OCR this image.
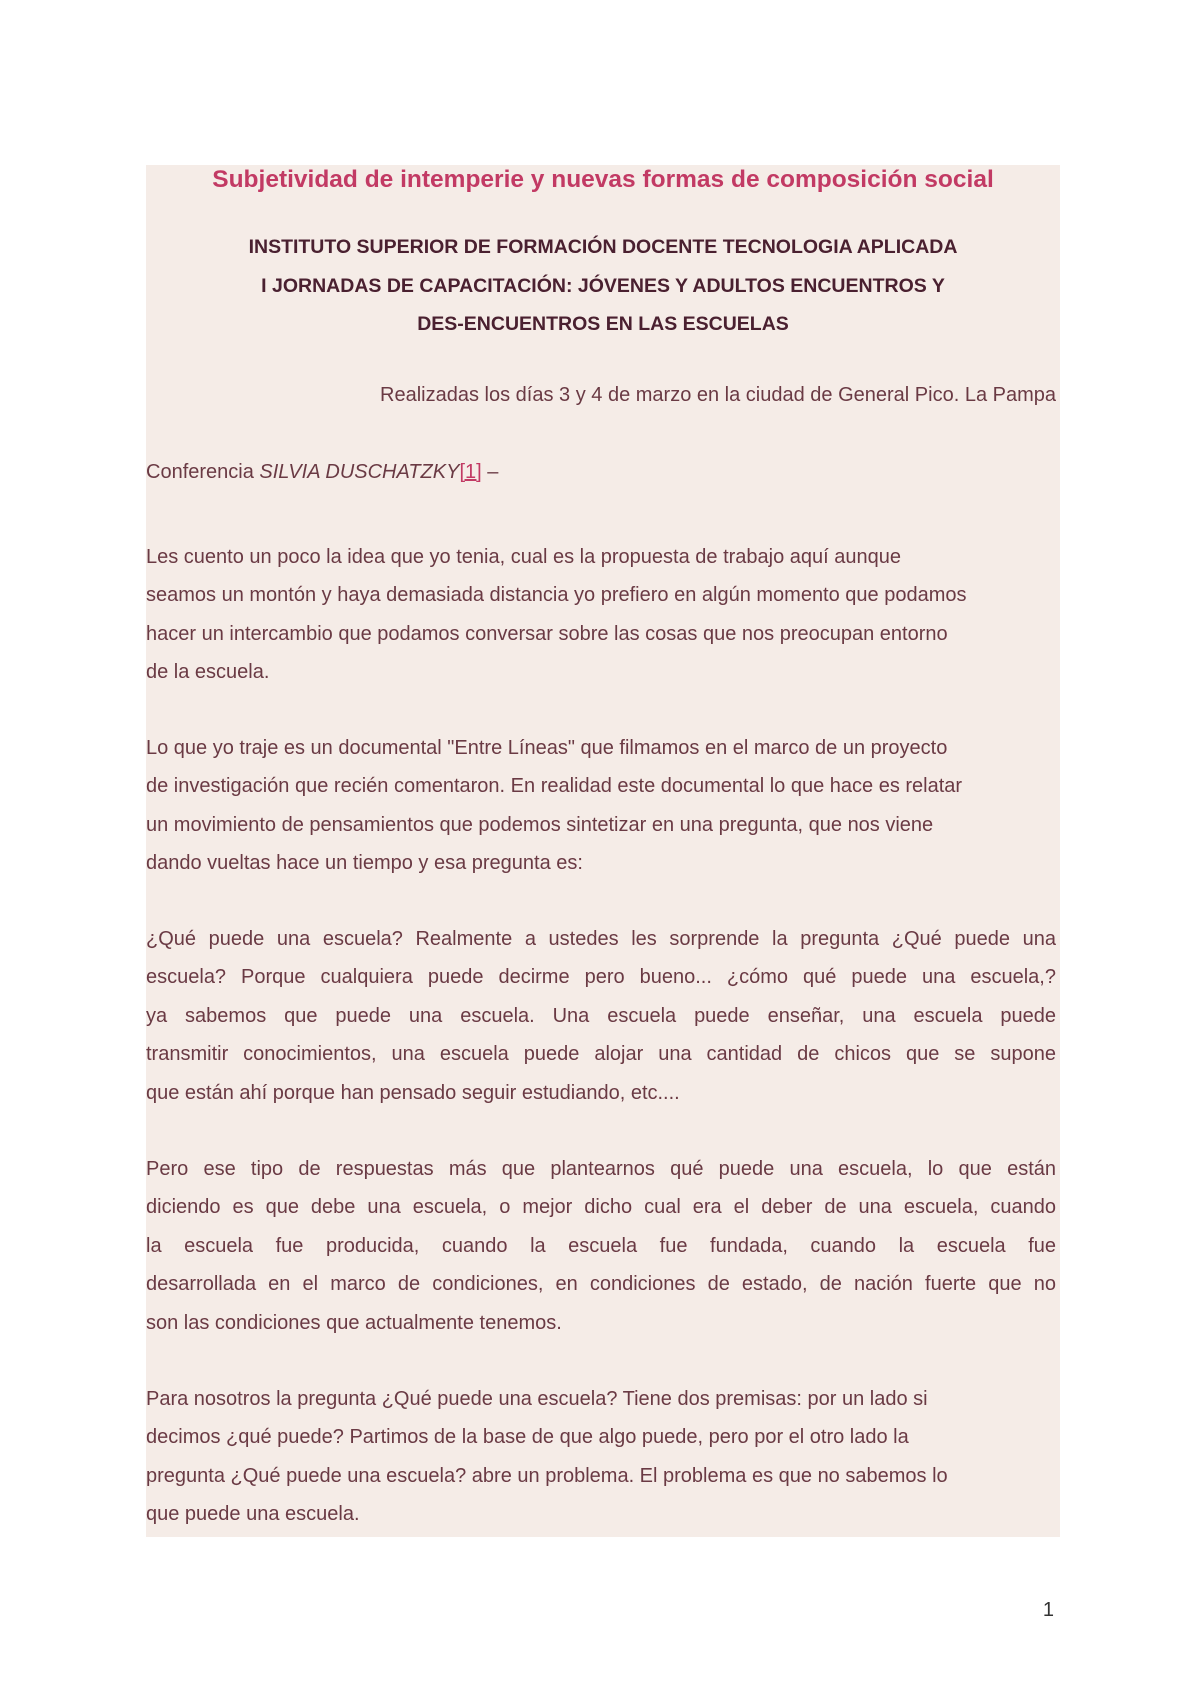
Subjetividad de intemperie y nuevas formas de composición social
INSTITUTO SUPERIOR DE FORMACIÓN DOCENTE TECNOLOGIA APLICADA
I JORNADAS DE CAPACITACIÓN: JÓVENES Y ADULTOS ENCUENTROS Y
DES-ENCUENTROS EN LAS ESCUELAS
Realizadas los días 3 y 4 de marzo en la ciudad de General Pico. La Pampa
Conferencia SILVIA DUSCHATZKY[1] –
Les cuento un poco la idea que yo tenia, cual es la propuesta de trabajo aquí aunque
seamos un montón y haya demasiada distancia yo prefiero en algún momento que podamos
hacer un intercambio que podamos conversar sobre las cosas que nos preocupan entorno
de la escuela.
Lo que yo traje es un documental "Entre Líneas" que filmamos en el marco de un proyecto
de investigación que recién comentaron. En realidad este documental lo que hace es relatar
un movimiento de pensamientos que podemos sintetizar en una pregunta, que nos viene
dando vueltas hace un tiempo y esa pregunta es:
¿Qué puede una escuela? Realmente a ustedes les sorprende la pregunta ¿Qué puede una
escuela? Porque cualquiera puede decirme pero bueno... ¿cómo qué puede una escuela,?
ya sabemos que puede una escuela. Una escuela puede enseñar, una escuela puede
transmitir conocimientos, una escuela puede alojar una cantidad de chicos que se supone
que están ahí porque han pensado seguir estudiando, etc....
Pero ese tipo de respuestas más que plantearnos qué puede una escuela, lo que están
diciendo es que debe una escuela, o mejor dicho cual era el deber de una escuela, cuando
la escuela fue producida, cuando la escuela fue fundada, cuando la escuela fue
desarrollada en el marco de condiciones, en condiciones de estado, de nación fuerte que no
son las condiciones que actualmente tenemos.
Para nosotros la pregunta ¿Qué puede una escuela? Tiene dos premisas: por un lado si
decimos ¿qué puede? Partimos de la base de que algo puede, pero por el otro lado la
pregunta ¿Qué puede una escuela? abre un problema. El problema es que no sabemos lo
que puede una escuela.
1
